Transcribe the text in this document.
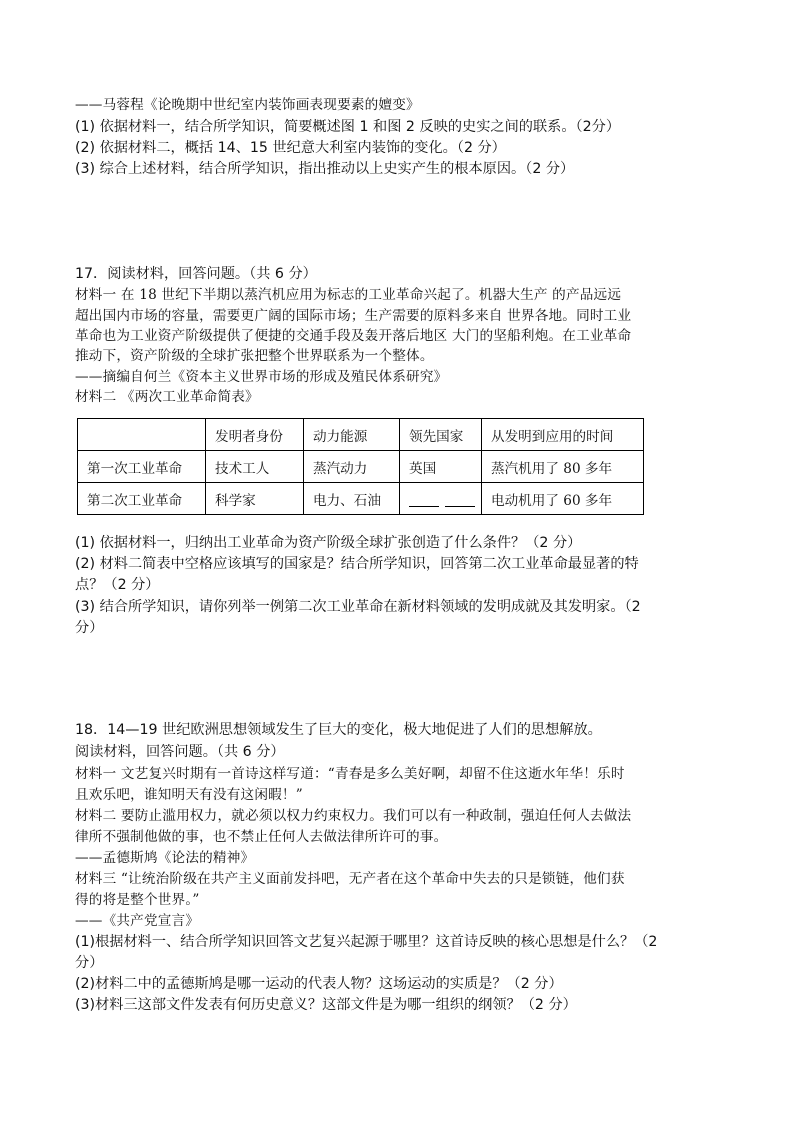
——马蓉程《论晚期中世纪室内装饰画表现要素的嬗变》
(1) 依据材料一，结合所学知识，简要概述图 1 和图 2 反映的史实之间的联系。（2分）
(2) 依据材料二，概括 14、15 世纪意大利室内装饰的变化。（2 分）
(3) 综合上述材料，结合所学知识，指出推动以上史实产生的根本原因。（2 分）
17．阅读材料，回答问题。（共 6 分）
材料一 在 18 世纪下半期以蒸汽机应用为标志的工业革命兴起了。机器大生产 的产品远远
超出国内市场的容量，需要更广阔的国际市场；生产需要的原料多来自 世界各地。同时工业
革命也为工业资产阶级提供了便捷的交通手段及轰开落后地区 大门的坚船利炮。在工业革命
推动下，资产阶级的全球扩张把整个世界联系为一个整体。
——摘编自何兰《资本主义世界市场的形成及殖民体系研究》
材料二 《两次工业革命简表》
	发明者身份	动力能源	领先国家	从发明到应用的时间
第一次工业革命	技术工人	蒸汽动力	英国	蒸汽机用了 80 多年
第二次工业革命	科学家	电力、石油		电动机用了 60 多年
(1) 依据材料一，归纳出工业革命为资产阶级全球扩张创造了什么条件？（2 分）
(2) 材料二简表中空格应该填写的国家是？结合所学知识，回答第二次工业革命最显著的特
点？（2 分）
(3) 结合所学知识，请你列举一例第二次工业革命在新材料领域的发明成就及其发明家。（2
分）
18．14—19 世纪欧洲思想领域发生了巨大的变化，极大地促进了人们的思想解放。
阅读材料，回答问题。（共 6 分）
材料一 文艺复兴时期有一首诗这样写道：“青春是多么美好啊，却留不住这逝水年华！乐时
且欢乐吧，谁知明天有没有这闲暇！”
材料二 要防止滥用权力，就必须以权力约束权力。我们可以有一种政制，强迫任何人去做法
律所不强制他做的事，也不禁止任何人去做法律所许可的事。
——孟德斯鸠《论法的精神》
材料三 “让统治阶级在共产主义面前发抖吧，无产者在这个革命中失去的只是锁链，他们获
得的将是整个世界。”
——《共产党宣言》
(1)根据材料一、结合所学知识回答文艺复兴起源于哪里？这首诗反映的核心思想是什么？（2
分）
(2)材料二中的孟德斯鸠是哪一运动的代表人物？这场运动的实质是？（2 分）
(3)材料三这部文件发表有何历史意义？这部文件是为哪一组织的纲领？（2 分）
